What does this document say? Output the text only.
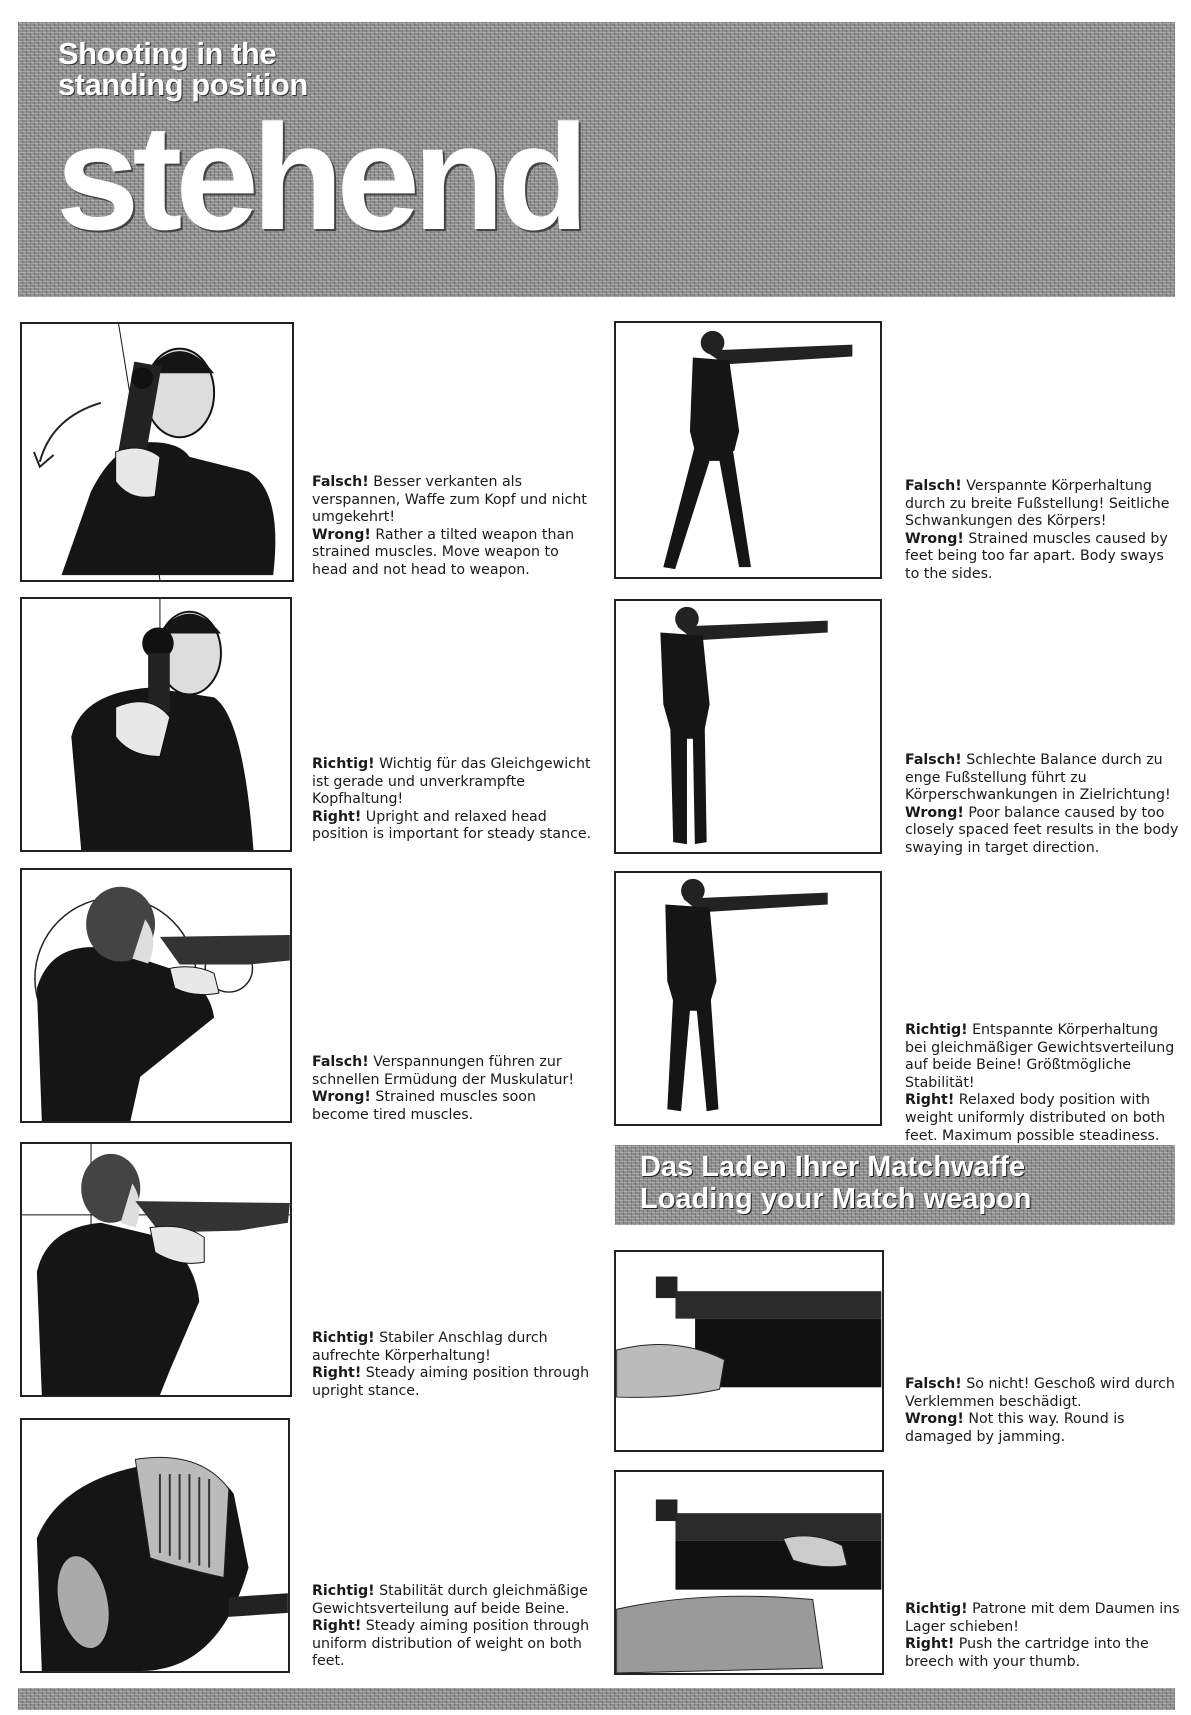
Shooting in the
standing position
stehend

Falsch! Besser verkanten als verspannen, Waffe zum Kopf und nicht umgekehrt!

Wrong! Rather a tilted weapon than strained muscles. Move weapon to head and not head to weapon.

Richtig! Wichtig für das Gleichgewicht ist gerade und unverkrampfte Kopfhaltung!

Right! Upright and relaxed head position is important for steady stance.

Falsch! Verspannungen führen zur schnellen Ermüdung der Muskulatur!

Wrong! Strained muscles soon become tired muscles.

Richtig! Stabiler Anschlag durch aufrechte Körperhaltung!

Right! Steady aiming position through upright stance.

Richtig! Stabilität durch gleichmäßige Gewichtsverteilung auf beide Beine.

Right! Steady aiming position through uniform distribution of weight on both feet.

Falsch! Verspannte Körperhaltung durch zu breite Fußstellung! Seitliche Schwankungen des Körpers!

Wrong! Strained muscles caused by feet being too far apart. Body sways to the sides.

Falsch! Schlechte Balance durch zu enge Fußstellung führt zu Körperschwankungen in Zielrichtung!

Wrong! Poor balance caused by too closely spaced feet results in the body swaying in target direction.

Richtig! Entspannte Körperhaltung bei gleichmäßiger Gewichtsverteilung auf beide Beine! Größtmögliche Stabilität!

Right! Relaxed body position with weight uniformly distributed on both feet. Maximum possible steadiness.

Das Laden Ihrer Matchwaffe
Loading your Match weapon

Falsch! So nicht! Geschoß wird durch Verklemmen beschädigt.

Wrong! Not this way. Round is damaged by jamming.

Richtig! Patrone mit dem Daumen ins Lager schieben!

Right! Push the cartridge into the breech with your thumb.
